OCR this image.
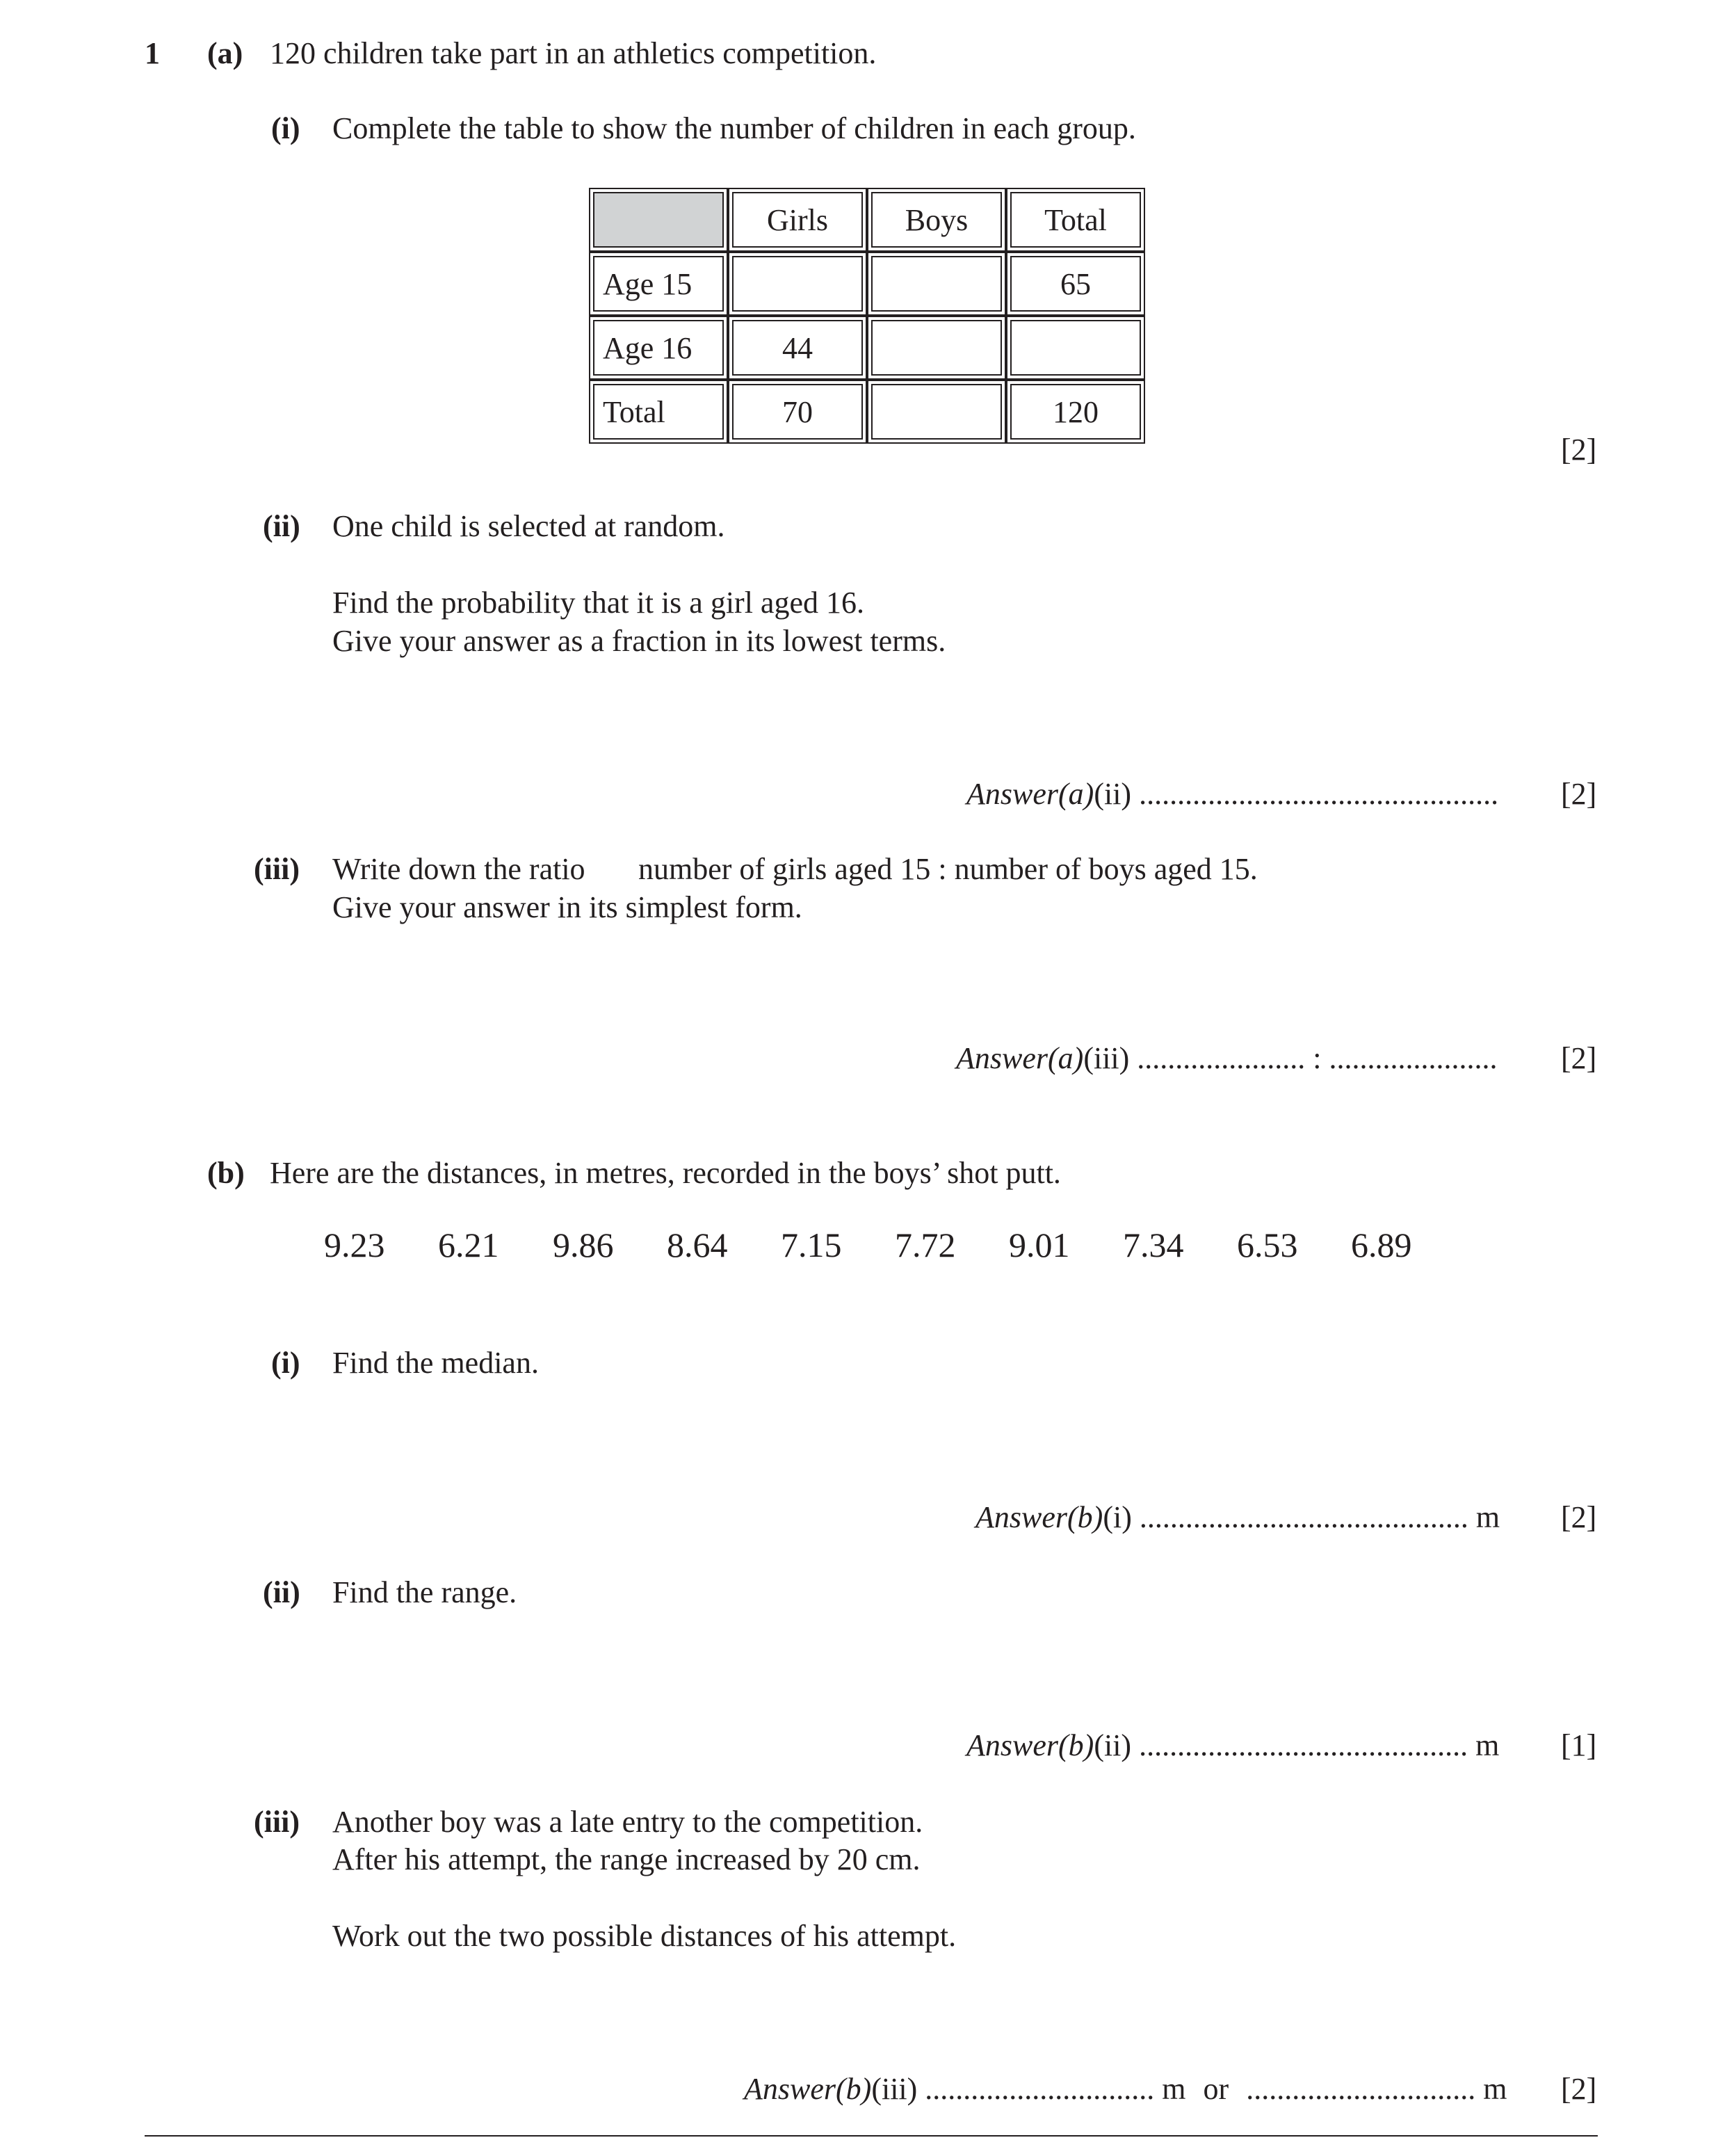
1 (a) 120 children take part in an athletics competition.
(i) Complete the table to show the number of children in each group.
	Girls	Boys	Total
Age 15			65
Age 16	44		
Total	70		120
[2]
(ii) One child is selected at random.
Find the probability that it is a girl aged 16.
Give your answer as a fraction in its lowest terms.
Answer(a)(ii) ............................................... [2]
(iii) Write down the ratio number of girls aged 15 : number of boys aged 15.
Give your answer in its simplest form.
Answer(a)(iii) ...................... : ...................... [2]
(b) Here are the distances, in metres, recorded in the boys’ shot putt.
9.23 6.21 9.86 8.64 7.15 7.72 9.01 7.34 6.53 6.89
(i) Find the median.
Answer(b)(i) ........................................... m [2]
(ii) Find the range.
Answer(b)(ii) ........................................... m [1]
(iii) Another boy was a late entry to the competition.
After his attempt, the range increased by 20 cm.
Work out the two possible distances of his attempt.
Answer(b)(iii) .............................. m or .............................. m [2]
